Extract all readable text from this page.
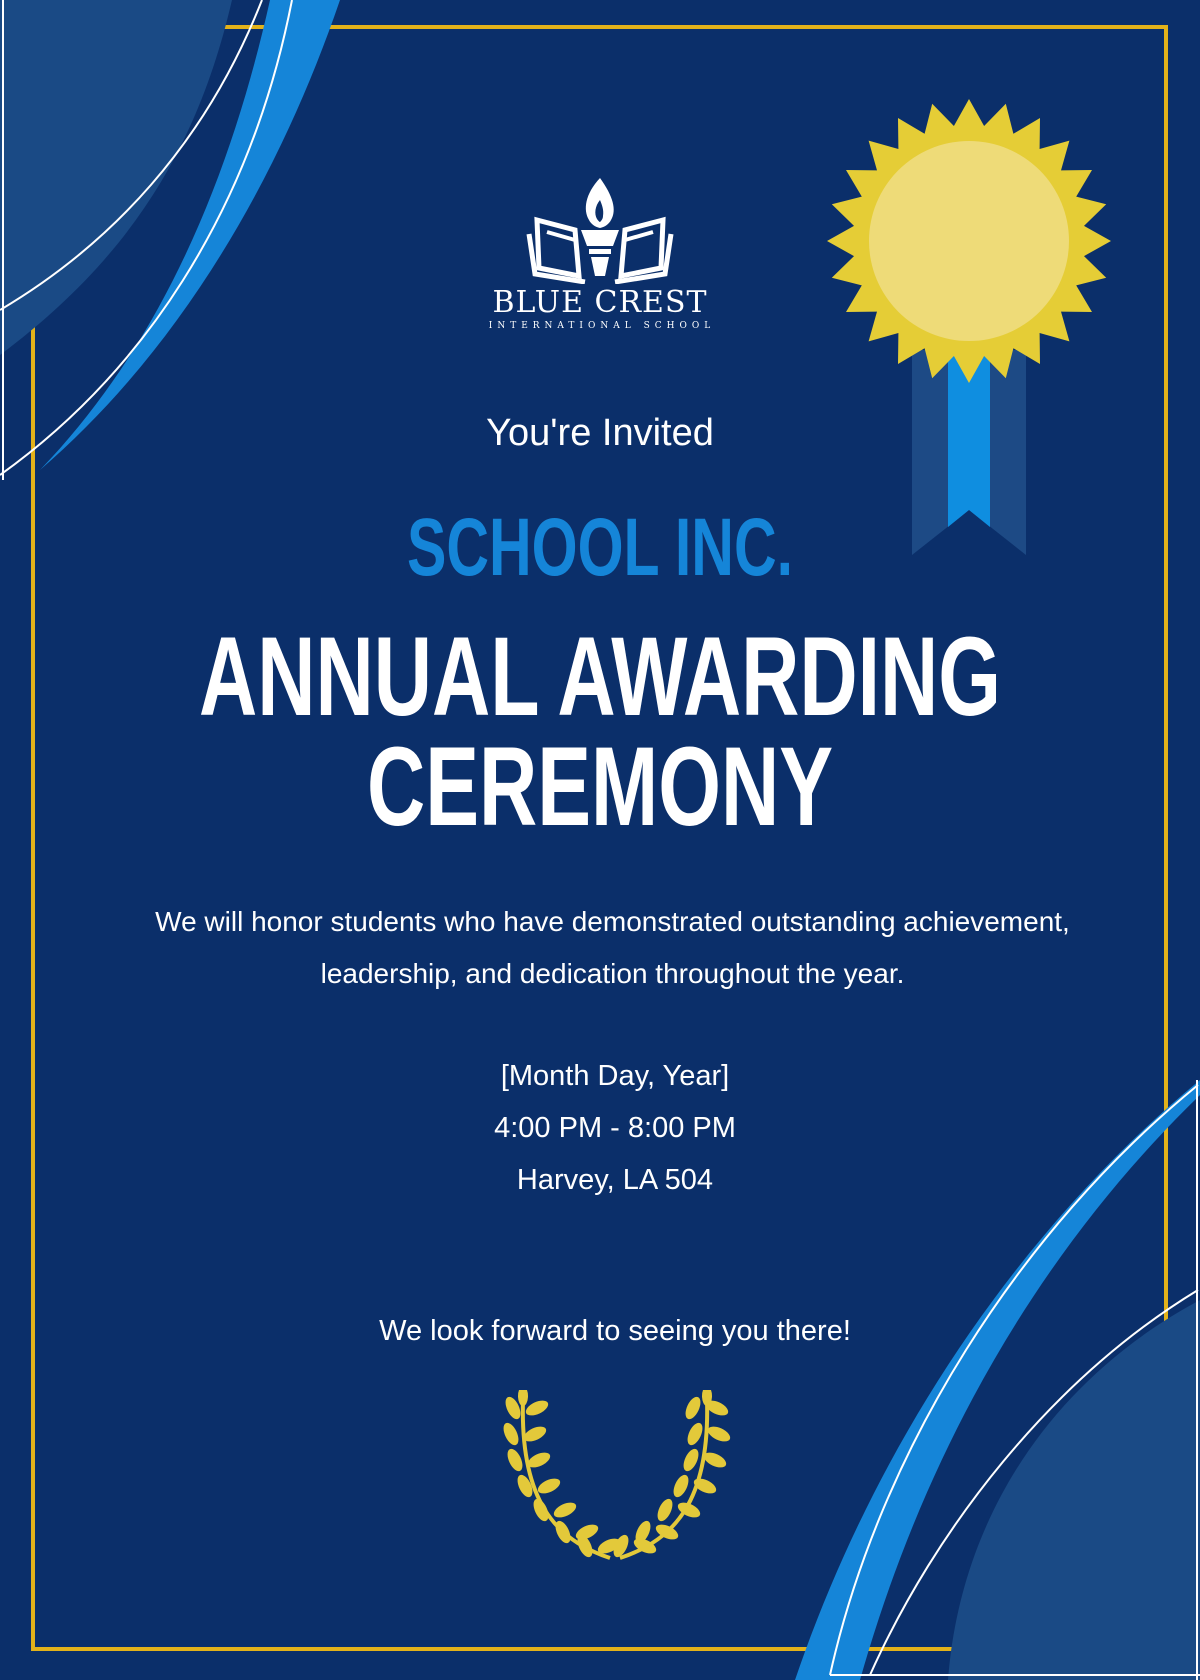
BLUE CREST
INTERNATIONAL SCHOOL
You're Invited
SCHOOL INC.
ANNUAL AWARDING
CEREMONY
We will honor students who have demonstrated outstanding achievement,
leadership, and dedication throughout the year.
[Month Day, Year]
4:00 PM - 8:00 PM
Harvey, LA 504
We look forward to seeing you there!
